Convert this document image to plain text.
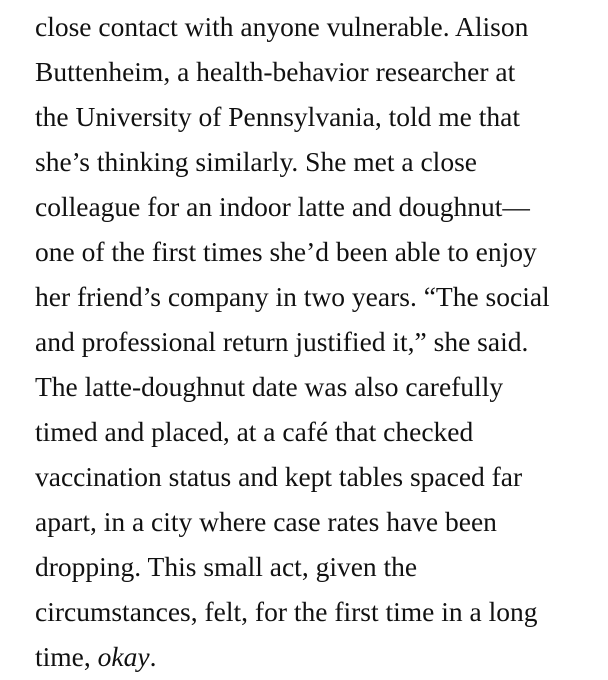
close contact with anyone vulnerable. Alison
Buttenheim, a health-behavior researcher at
the University of Pennsylvania, told me that
she’s thinking similarly. She met a close
colleague for an indoor latte and doughnut—
one of the first times she’d been able to enjoy
her friend’s company in two years. “The social
and professional return justified it,” she said.
The latte-doughnut date was also carefully
timed and placed, at a café that checked
vaccination status and kept tables spaced far
apart, in a city where case rates have been
dropping. This small act, given the
circumstances, felt, for the first time in a long
time, okay.
